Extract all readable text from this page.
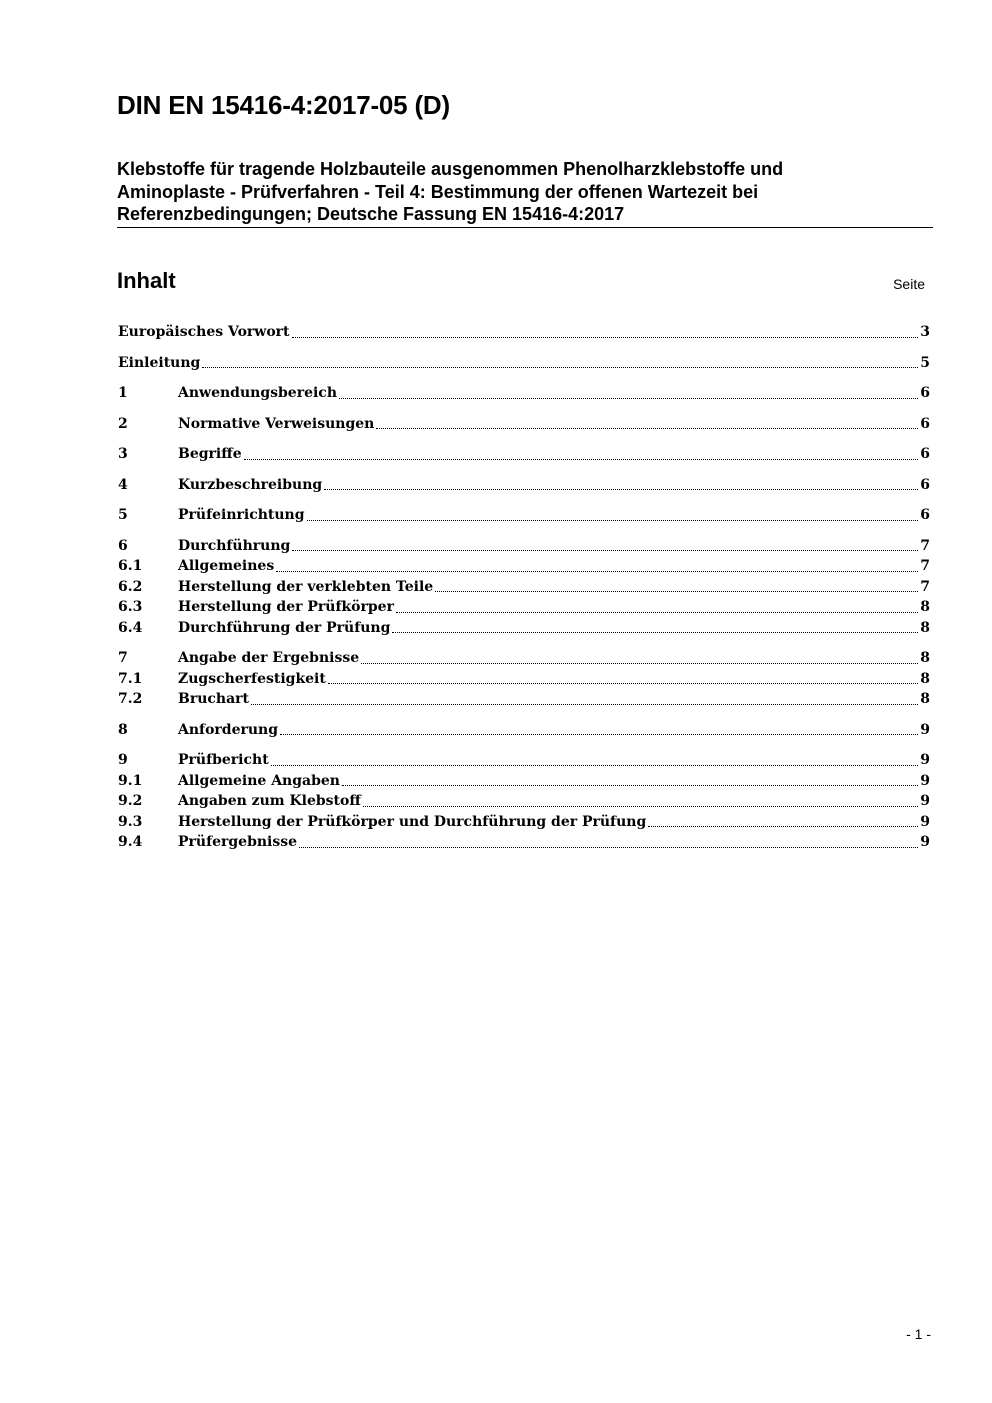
DIN EN 15416-4:2017-05 (D)
Klebstoffe für tragende Holzbauteile ausgenommen Phenolharzklebstoffe und
Aminoplaste - Prüfverfahren - Teil 4: Bestimmung der offenen Wartezeit bei
Referenzbedingungen; Deutsche Fassung EN 15416-4:2017
Inhalt	Seite
Europäisches Vorwort	3
Einleitung	5
1	Anwendungsbereich	6
2	Normative Verweisungen	6
3	Begriffe	6
4	Kurzbeschreibung	6
5	Prüfeinrichtung	6
6	Durchführung	7
6.1	Allgemeines	7
6.2	Herstellung der verklebten Teile	7
6.3	Herstellung der Prüfkörper	8
6.4	Durchführung der Prüfung	8
7	Angabe der Ergebnisse	8
7.1	Zugscherfestigkeit	8
7.2	Bruchart	8
8	Anforderung	9
9	Prüfbericht	9
9.1	Allgemeine Angaben	9
9.2	Angaben zum Klebstoff	9
9.3	Herstellung der Prüfkörper und Durchführung der Prüfung	9
9.4	Prüfergebnisse	9
- 1 -
